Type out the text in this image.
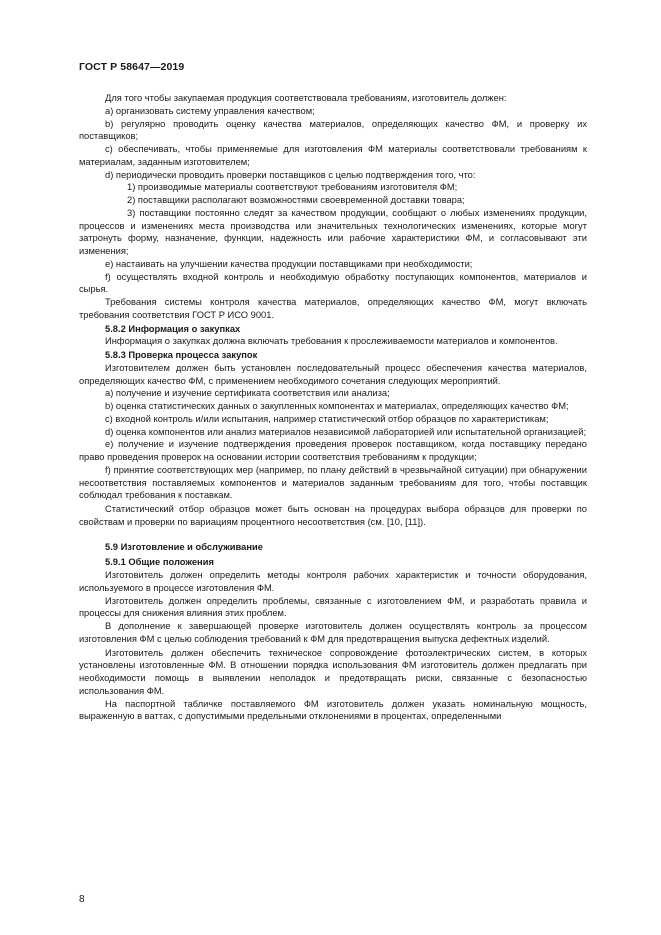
ГОСТ Р 58647—2019

Для того чтобы закупаемая продукция соответствовала требованиям, изготовитель должен:

а) организовать систему управления качеством;

b) регулярно проводить оценку качества материалов, определяющих качество ФМ, и проверку их поставщиков;

c) обеспечивать, чтобы применяемые для изготовления ФМ материалы соответствовали требованиям к материалам, заданным изготовителем;

d) периодически проводить проверки поставщиков с целью подтверждения того, что:

1) производимые материалы соответствуют требованиям изготовителя ФМ;

2) поставщики располагают возможностями своевременной доставки товара;

3) поставщики постоянно следят за качеством продукции, сообщают о любых изменениях продукции, процессов и изменениях места производства или значительных технологических изменениях, которые могут затронуть форму, назначение, функции, надежность или рабочие характеристики ФМ, и согласовывают эти изменения;

e) настаивать на улучшении качества продукции поставщиками при необходимости;

f) осуществлять входной контроль и необходимую обработку поступающих компонентов, материалов и сырья.

Требования системы контроля качества материалов, определяющих качество ФМ, могут включать требования соответствия ГОСТ Р ИСО 9001.

5.8.2 Информация о закупках

Информация о закупках должна включать требования к прослеживаемости материалов и компонентов.

5.8.3 Проверка процесса закупок

Изготовителем должен быть установлен последовательный процесс обеспечения качества материалов, определяющих качество ФМ, с применением необходимого сочетания следующих мероприятий.

а) получение и изучение сертификата соответствия или анализа;

b) оценка статистических данных о закупленных компонентах и материалах, определяющих качество ФМ;

c) входной контроль и/или испытания, например статистический отбор образцов по характеристикам;

d) оценка компонентов или анализ материалов независимой лабораторией или испытательной организацией;

e) получение и изучение подтверждения проведения проверок поставщиком, когда поставщику передано право проведения проверок на основании истории соответствия требованиям к продукции;

f) принятие соответствующих мер (например, по плану действий в чрезвычайной ситуации) при обнаружении несоответствия поставляемых компонентов и материалов заданным требованиям для того, чтобы поставщик соблюдал требования к поставкам.

Статистический отбор образцов может быть основан на процедурах выбора образцов для проверки по свойствам и проверки по вариациям процентного несоответствия (см. [10, [11]).

5.9 Изготовление и обслуживание

5.9.1 Общие положения

Изготовитель должен определить методы контроля рабочих характеристик и точности оборудования, используемого в процессе изготовления ФМ.

Изготовитель должен определить проблемы, связанные с изготовлением ФМ, и разработать правила и процессы для снижения влияния этих проблем.

В дополнение к завершающей проверке изготовитель должен осуществлять контроль за процессом изготовления ФМ с целью соблюдения требований к ФМ для предотвращения выпуска дефектных изделий.

Изготовитель должен обеспечить техническое сопровождение фотоэлектрических систем, в которых установлены изготовленные ФМ. В отношении порядка использования ФМ изготовитель должен предлагать при необходимости помощь в выявлении неполадок и предотвращать риски, связанные с безопасностью использования ФМ.

На паспортной табличке поставляемого ФМ изготовитель должен указать номинальную мощность, выраженную в ваттах, с допустимыми предельными отклонениями в процентах, определенными

8
